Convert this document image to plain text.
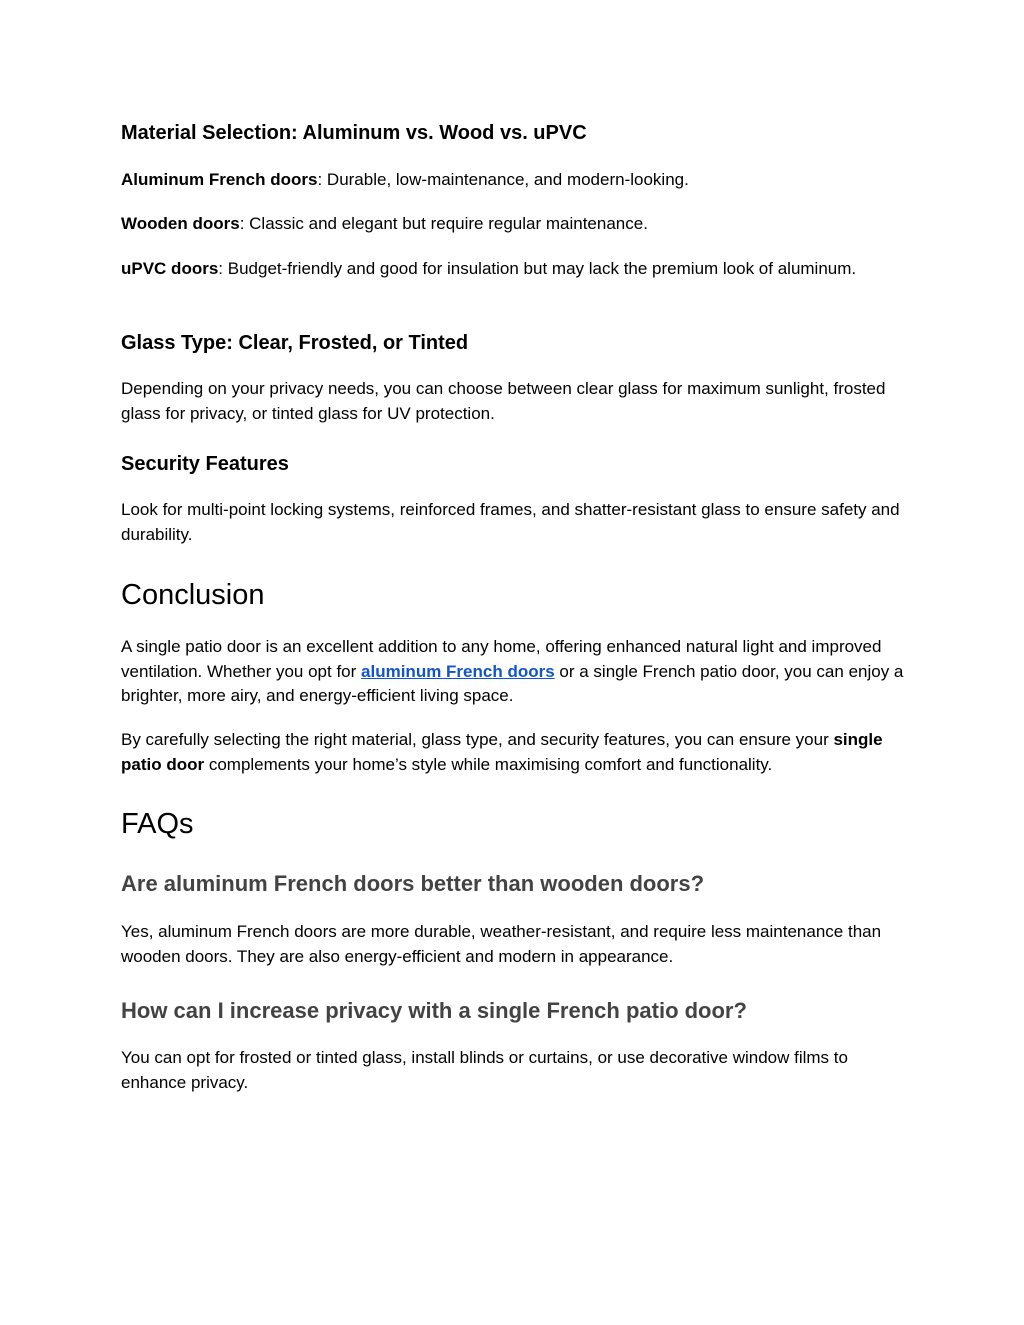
Material Selection: Aluminum vs. Wood vs. uPVC

Aluminum French doors: Durable, low-maintenance, and modern-looking.

Wooden doors: Classic and elegant but require regular maintenance.

uPVC doors: Budget-friendly and good for insulation but may lack the premium look of aluminum.

Glass Type: Clear, Frosted, or Tinted

Depending on your privacy needs, you can choose between clear glass for maximum sunlight, frosted glass for privacy, or tinted glass for UV protection.

Security Features

Look for multi-point locking systems, reinforced frames, and shatter-resistant glass to ensure safety and durability.

Conclusion

A single patio door is an excellent addition to any home, offering enhanced natural light and improved ventilation. Whether you opt for aluminum French doors or a single French patio door, you can enjoy a brighter, more airy, and energy-efficient living space.

By carefully selecting the right material, glass type, and security features, you can ensure your single patio door complements your home’s style while maximising comfort and functionality.

FAQs
Are aluminum French doors better than wooden doors?

Yes, aluminum French doors are more durable, weather-resistant, and require less maintenance than wooden doors. They are also energy-efficient and modern in appearance.

How can I increase privacy with a single French patio door?

You can opt for frosted or tinted glass, install blinds or curtains, or use decorative window films to enhance privacy.
